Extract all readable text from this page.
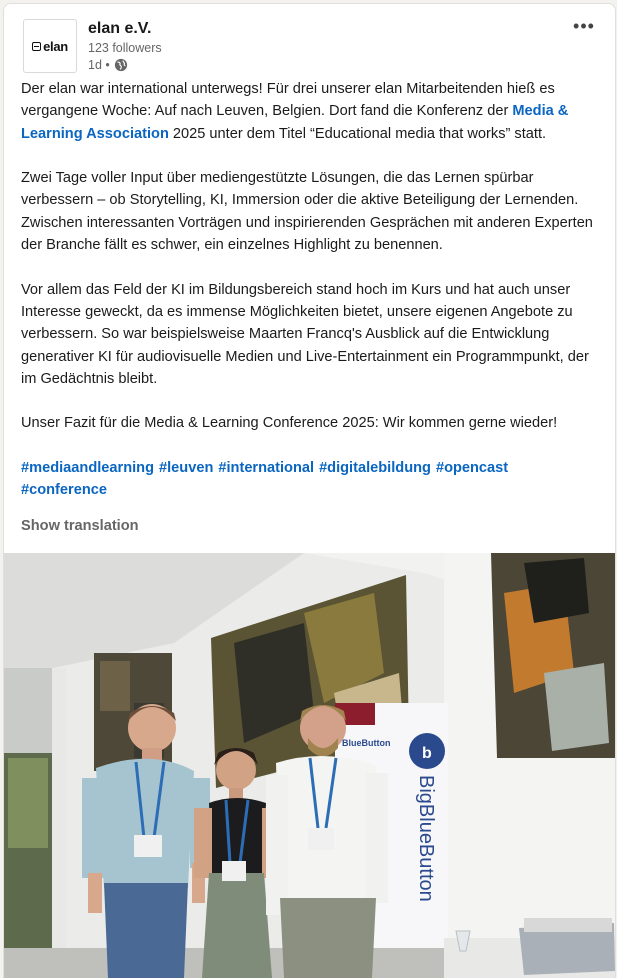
elan
elan e.V.
123 followers
1d •
•••

Der elan war international unterwegs! Für drei unserer elan Mitarbeitenden hieß es vergangene Woche: Auf nach Leuven, Belgien. Dort fand die Konferenz der Media & Learning Association 2025 unter dem Titel “Educational media that works” statt.

Zwei Tage voller Input über mediengestützte Lösungen, die das Lernen spürbar verbessern – ob Storytelling, KI, Immersion oder die aktive Beteiligung der Lernenden. Zwischen interessanten Vorträgen und inspirierenden Gesprächen mit anderen Experten der Branche fällt es schwer, ein einzelnes Highlight zu benennen.

Vor allem das Feld der KI im Bildungsbereich stand hoch im Kurs und hat auch unser Interesse geweckt, da es immense Möglichkeiten bietet, unsere eigenen Angebote zu verbessern. So war beispielsweise Maarten Francq's Ausblick auf die Entwicklung generativer KI für audiovisuelle Medien und Live-Entertainment ein Programmpunkt, der im Gedächtnis bleibt.

Unser Fazit für die Media & Learning Conference 2025: Wir kommen gerne wieder!

#mediaandlearning #leuven #international #digitalebildung #opencast
#conference
Show translation
b
BigBlueButton
BlueButton
